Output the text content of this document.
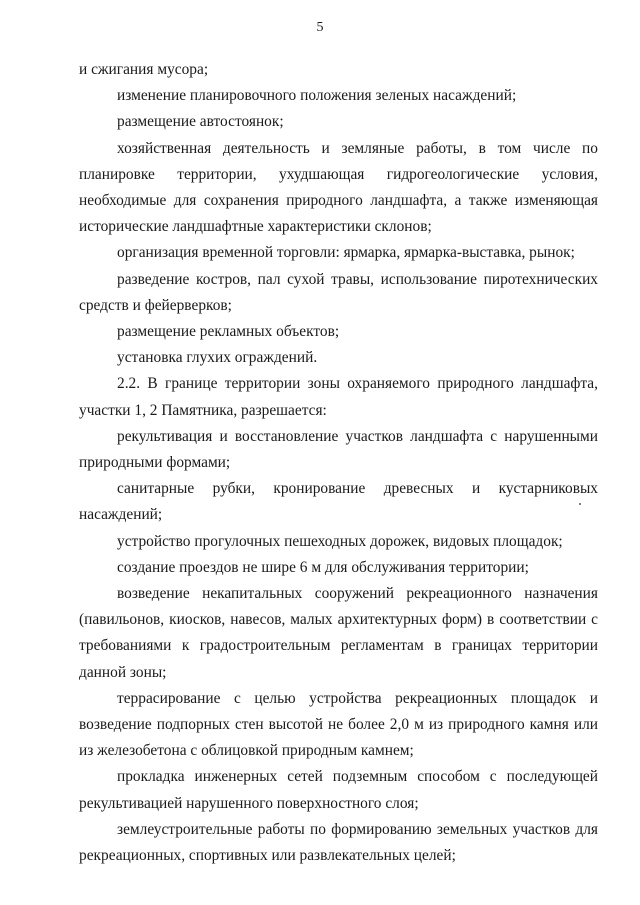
5

и сжигания мусора;

изменение планировочного положения зеленых насаждений;

размещение автостоянок;

хозяйственная деятельность и земляные работы, в том числе по планировке территории, ухудшающая гидрогеологические условия, необходимые для сохранения природного ландшафта, а также изменяющая исторические ландшафтные характеристики склонов;

организация временной торговли: ярмарка, ярмарка-выставка, рынок;

разведение костров, пал сухой травы, использование пиротехнических средств и фейерверков;

размещение рекламных объектов;

установка глухих ограждений.

2.2. В границе территории зоны охраняемого природного ландшафта, участки 1, 2 Памятника, разрешается:

рекультивация и восстановление участков ландшафта с нарушенными природными формами;

санитарные рубки, кронирование древесных и кустарниковых насаждений;

устройство прогулочных пешеходных дорожек, видовых площадок;

создание проездов не шире 6 м для обслуживания территории;

возведение некапитальных сооружений рекреационного назначения (павильонов, киосков, навесов, малых архитектурных форм) в соответствии с требованиями к градостроительным регламентам в границах территории данной зоны;

террасирование с целью устройства рекреационных площадок и возведение подпорных стен высотой не более 2,0 м из природного камня или из железобетона с облицовкой природным камнем;

прокладка инженерных сетей подземным способом с последующей рекультивацией нарушенного поверхностного слоя;

землеустроительные работы по формированию земельных участков для рекреационных, спортивных или развлекательных целей;
